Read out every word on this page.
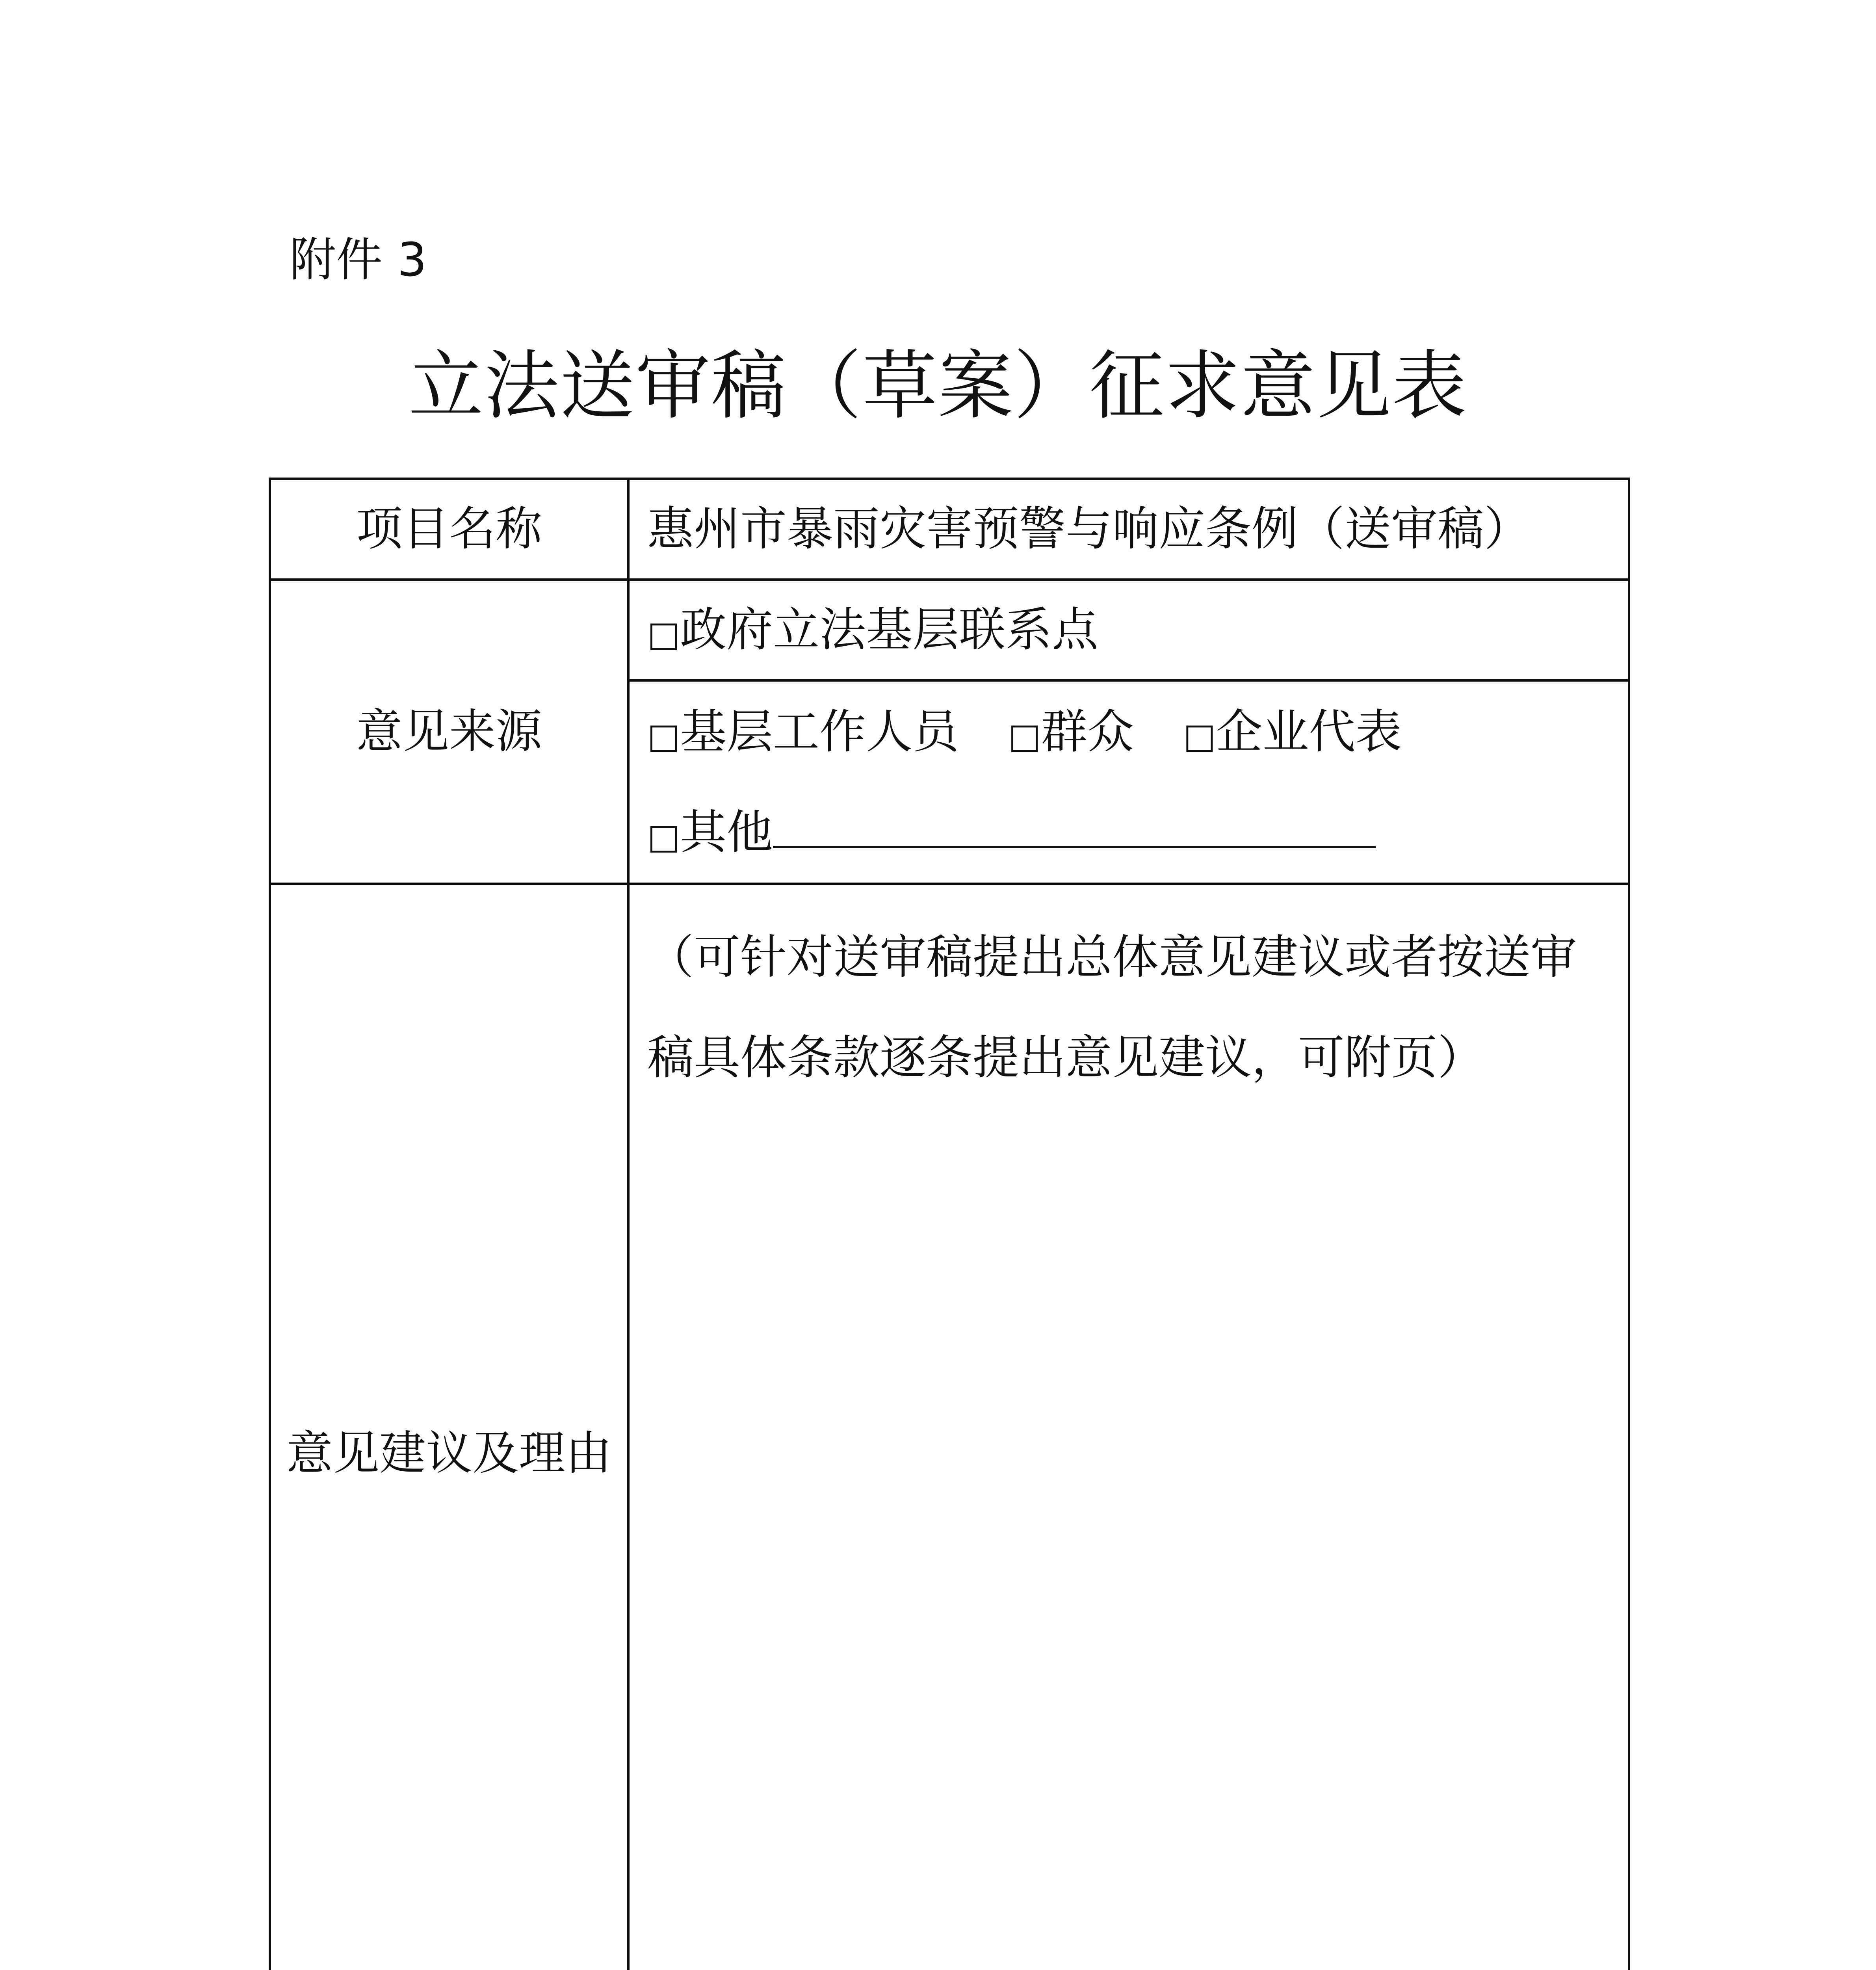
附件 3
立法送审稿（草案）征求意见表
项目名称	惠州市暴雨灾害预警与响应条例（送审稿）		
意见来源	□政府立法基层联系点		

	□基层工作人员 □群众 □企业代表
□其他		

意见建议及理由	（可针对送审稿提出总体意见建议或者按送审稿具体条款逐条提出意见建议，可附页）		
